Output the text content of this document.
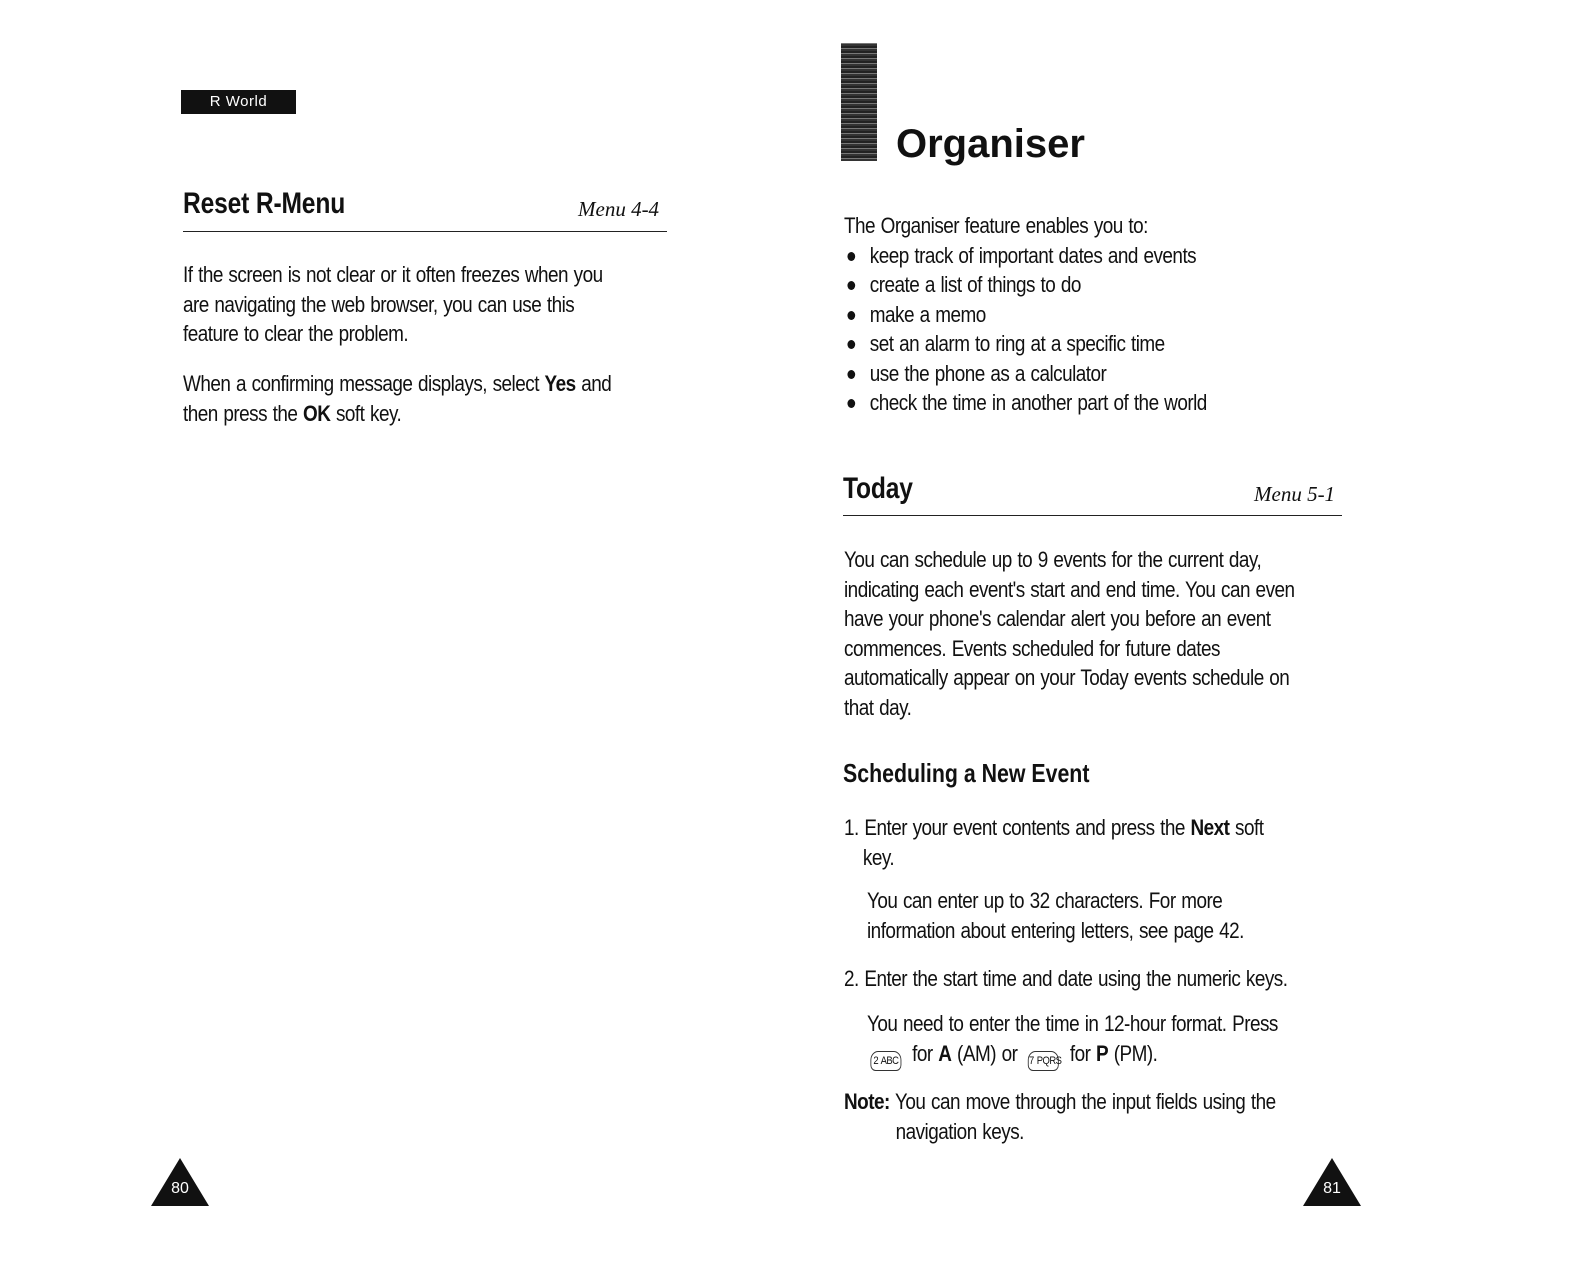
R World
Reset R-Menu	Menu 4-4
If the screen is not clear or it often freezes when you
are navigating the web browser, you can use this
feature to clear the problem.
When a confirming message displays, select Yes and
then press the OK soft key.
80
Organiser
The Organiser feature enables you to:
keep track of important dates and events
create a list of things to do
make a memo
set an alarm to ring at a specific time
use the phone as a calculator
check the time in another part of the world
Today	Menu 5-1
You can schedule up to 9 events for the current day,
indicating each event's start and end time. You can even
have your phone's calendar alert you before an event
commences. Events scheduled for future dates
automatically appear on your Today events schedule on
that day.
Scheduling a New Event
1. Enter your event contents and press the Next soft
key.
You can enter up to 32 characters. For more
information about entering letters, see page 42.
2. Enter the start time and date using the numeric keys.
You need to enter the time in 12-hour format. Press
2 ABC for A (AM) or 7 PQRS for P (PM).
Note: You can move through the input fields using the
navigation keys.
81
